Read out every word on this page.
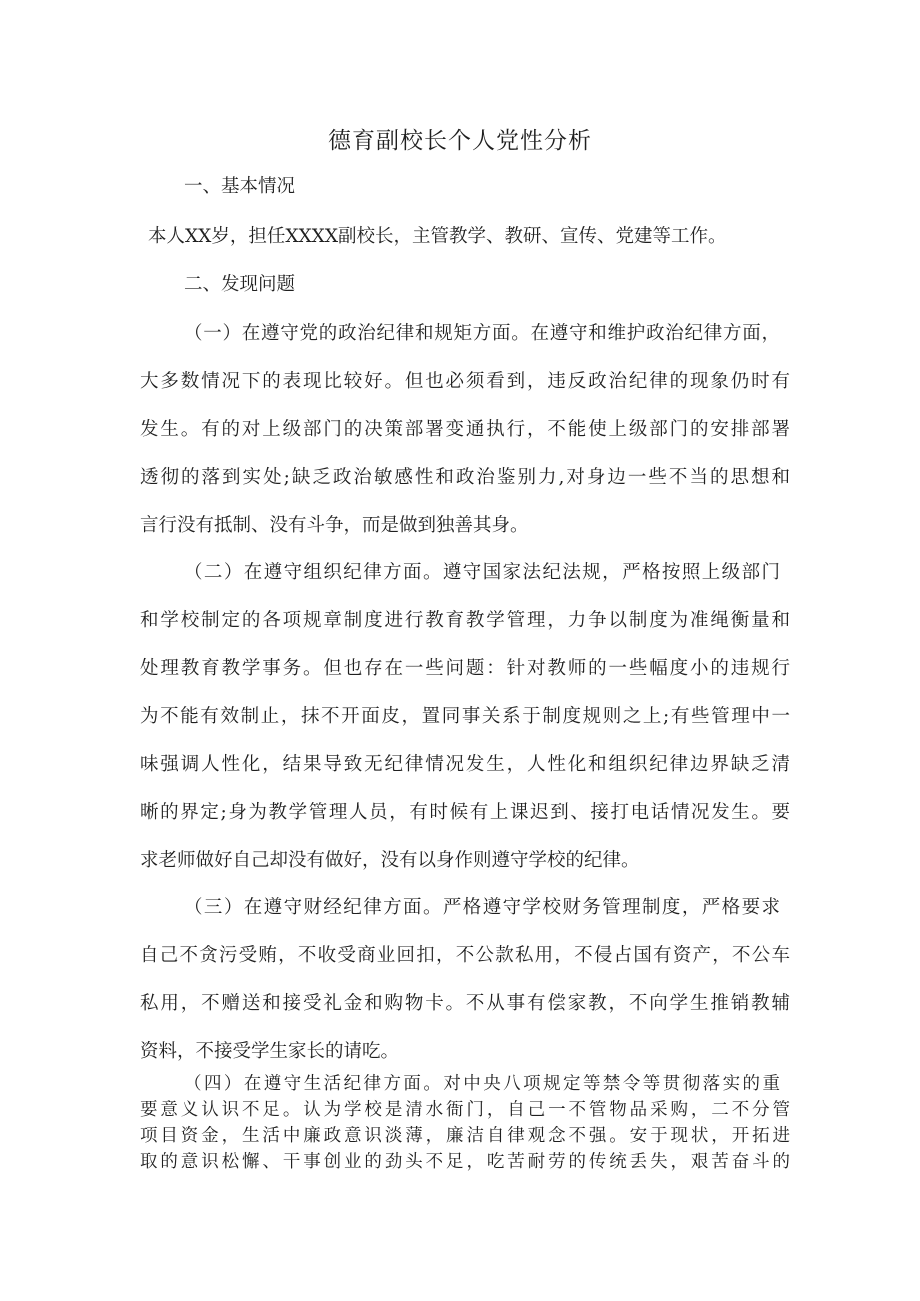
德育副校长个人党性分析

一、基本情况

本人XX岁，担任XXXX副校长，主管教学、教研、宣传、党建等工作。

二、发现问题

（一）在遵守党的政治纪律和规矩方面。在遵守和维护政治纪律方面，

大多数情况下的表现比较好。但也必须看到，违反政治纪律的现象仍时有

发生。有的对上级部门的决策部署变通执行，不能使上级部门的安排部署

透彻的落到实处;缺乏政治敏感性和政治鉴别力,对身边一些不当的思想和

言行没有抵制、没有斗争，而是做到独善其身。

（二）在遵守组织纪律方面。遵守国家法纪法规，严格按照上级部门

和学校制定的各项规章制度进行教育教学管理，力争以制度为准绳衡量和

处理教育教学事务。但也存在一些问题：针对教师的一些幅度小的违规行

为不能有效制止，抹不开面皮，置同事关系于制度规则之上;有些管理中一

味强调人性化，结果导致无纪律情况发生，人性化和组织纪律边界缺乏清

晰的界定;身为教学管理人员，有时候有上课迟到、接打电话情况发生。要

求老师做好自己却没有做好，没有以身作则遵守学校的纪律。

（三）在遵守财经纪律方面。严格遵守学校财务管理制度，严格要求

自己不贪污受贿，不收受商业回扣，不公款私用，不侵占国有资产，不公车

私用，不赠送和接受礼金和购物卡。不从事有偿家教，不向学生推销教辅

资料，不接受学生家长的请吃。

（四）在遵守生活纪律方面。对中央八项规定等禁令等贯彻落实的重

要意义认识不足。认为学校是清水衙门，自己一不管物品采购，二不分管

项目资金，生活中廉政意识淡薄，廉洁自律观念不强。安于现状，开拓进

取的意识松懈、干事创业的劲头不足，吃苦耐劳的传统丢失，艰苦奋斗的
